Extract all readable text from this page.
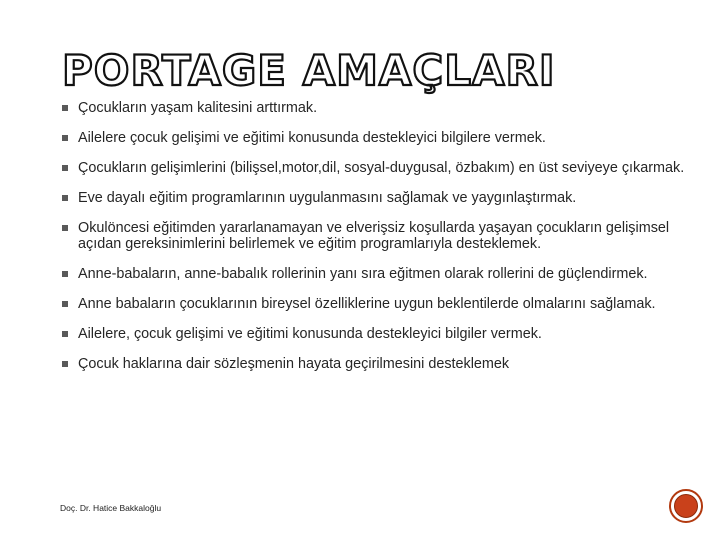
PORTAGE AMAÇLARI
Çocukların yaşam kalitesini arttırmak.
Ailelere çocuk gelişimi ve eğitimi konusunda destekleyici bilgilere vermek.
Çocukların gelişimlerini (bilişsel,motor,dil, sosyal-duygusal, özbakım) en üst seviyeye çıkarmak.
Eve dayalı eğitim programlarının uygulanmasını sağlamak ve yaygınlaştırmak.
Okulöncesi eğitimden yararlanamayan ve elverişsiz koşullarda yaşayan çocukların gelişimsel açıdan gereksinimlerini belirlemek ve eğitim programlarıyla desteklemek.
Anne-babaların, anne-babalık rollerinin yanı sıra eğitmen olarak rollerini de güçlendirmek.
Anne babaların çocuklarının bireysel özelliklerine uygun beklentilerde olmalarını sağlamak.
Ailelere, çocuk gelişimi ve eğitimi konusunda destekleyici bilgiler vermek.
Çocuk haklarına dair sözleşmenin hayata geçirilmesini desteklemek
Doç. Dr. Hatice Bakkaloğlu
